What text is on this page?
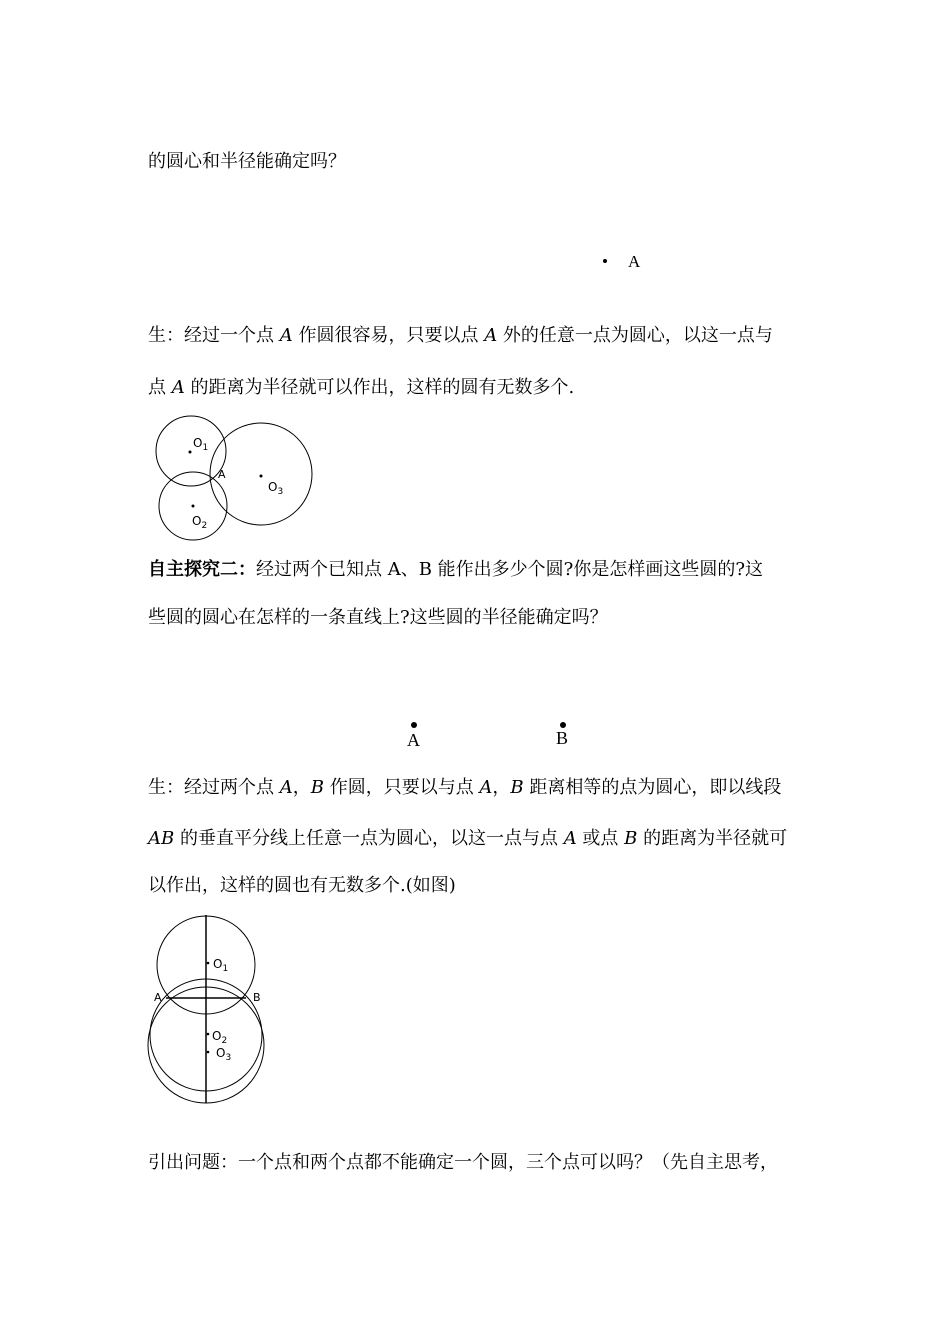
的圆心和半径能确定吗？
A
生：经过一个点 A 作圆很容易，只要以点 A 外的任意一点为圆心，以这一点与
点 A 的距离为半径就可以作出，这样的圆有无数多个.
$O_1$
$O_2$
$O_3$
A
自主探究二：经过两个已知点 A、B 能作出多少个圆?你是怎样画这些圆的?这
些圆的圆心在怎样的一条直线上?这些圆的半径能确定吗？
A	B
生：经过两个点 A，B 作圆，只要以与点 A，B 距离相等的点为圆心，即以线段
AB 的垂直平分线上任意一点为圆心，以这一点与点 A 或点 B 的距离为半径就可
以作出，这样的圆也有无数多个.(如图)
$O_1$
$O_2$
$O_3$
A	B
引出问题：一个点和两个点都不能确定一个圆，三个点可以吗？（先自主思考，
